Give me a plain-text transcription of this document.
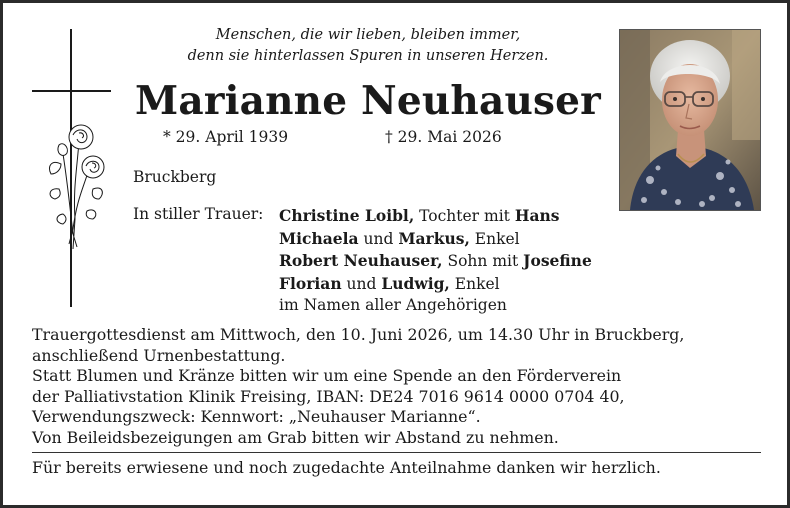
Menschen, die wir lieben, bleiben immer,
denn sie hinterlassen Spuren in unseren Herzen.
Marianne Neuhauser
* 29. April 1939	† 29. Mai 2026
Bruckberg
In stiller Trauer: Christine Loibl, Tochter mit Hans
Michaela und Markus, Enkel
Robert Neuhauser, Sohn mit Josefine
Florian und Ludwig, Enkel
im Namen aller Angehörigen
Trauergottesdienst am Mittwoch, den 10. Juni 2026, um 14.30 Uhr in Bruckberg,
anschließend Urnenbestattung.
Statt Blumen und Kränze bitten wir um eine Spende an den Förderverein
der Palliativstation Klinik Freising, IBAN: DE24 7016 9614 0000 0704 40,
Verwendungszweck: Kennwort: „Neuhauser Marianne“.
Von Beileidsbezeigungen am Grab bitten wir Abstand zu nehmen.
Für bereits erwiesene und noch zugedachte Anteilnahme danken wir herzlich.
